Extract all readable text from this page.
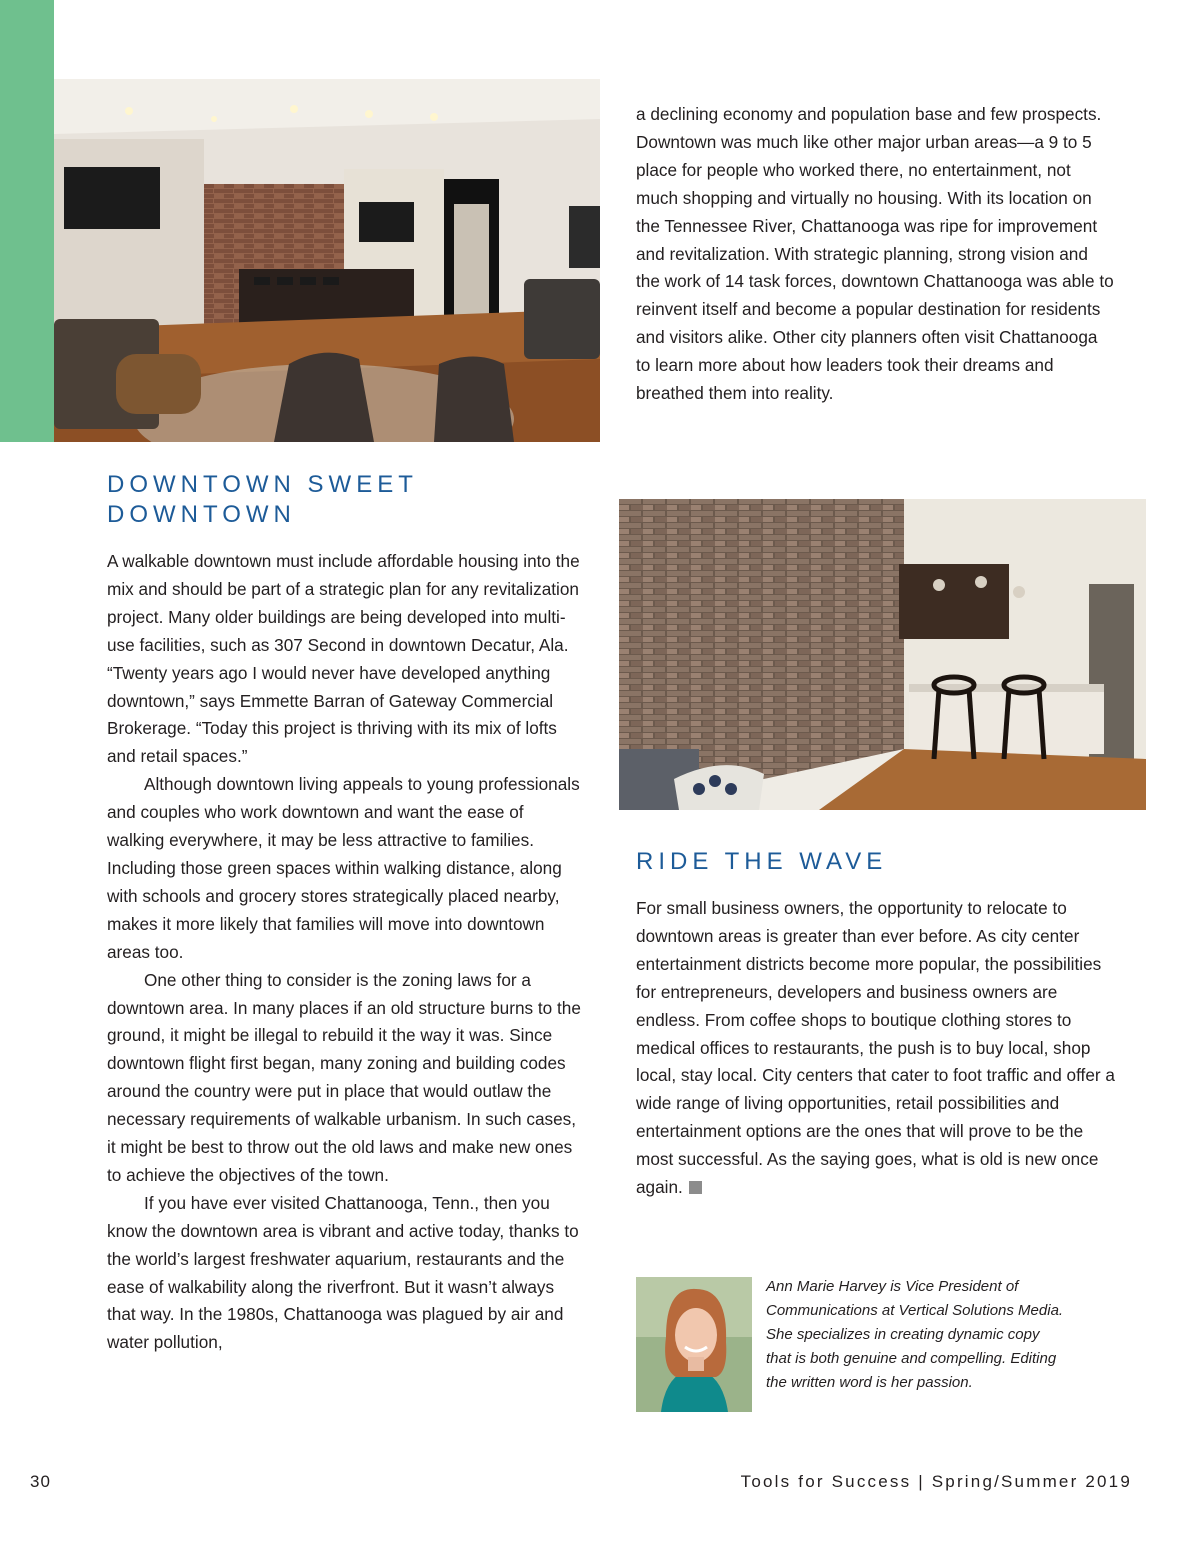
a declining economy and population base and few prospects. Downtown was much like other major urban areas—a 9 to 5 place for people who worked there, no entertainment, not much shopping and virtually no housing. With its location on the Tennessee River, Chattanooga was ripe for improvement and revitalization. With strategic planning, strong vision and the work of 14 task forces, downtown Chattanooga was able to reinvent itself and become a popular destination for residents and visitors alike. Other city planners often visit Chattanooga to learn more about how leaders took their dreams and breathed them into reality.

DOWNTOWN SWEET DOWNTOWN

A walkable downtown must include affordable housing into the mix and should be part of a strategic plan for any revitalization project. Many older buildings are being developed into multi-use facilities, such as 307 Second in downtown Decatur, Ala. “Twenty years ago I would never have developed anything downtown,” says Emmette Barran of Gateway Commercial Brokerage. “Today this project is thriving with its mix of lofts and retail spaces.”

Although downtown living appeals to young professionals and couples who work downtown and want the ease of walking everywhere, it may be less attractive to families. Including those green spaces within walking distance, along with schools and grocery stores strategically placed nearby, makes it more likely that families will move into downtown areas too.

One other thing to consider is the zoning laws for a downtown area. In many places if an old structure burns to the ground, it might be illegal to rebuild it the way it was. Since downtown flight first began, many zoning and building codes around the country were put in place that would outlaw the necessary requirements of walkable urbanism. In such cases, it might be best to throw out the old laws and make new ones to achieve the objectives of the town.

If you have ever visited Chattanooga, Tenn., then you know the downtown area is vibrant and active today, thanks to the world’s largest freshwater aquarium, restaurants and the ease of walkability along the riverfront. But it wasn’t always that way. In the 1980s, Chattanooga was plagued by air and water pollution,

RIDE THE WAVE

For small business owners, the opportunity to relocate to downtown areas is greater than ever before. As city center entertainment districts become more popular, the possibilities for entrepreneurs, developers and business owners are endless. From coffee shops to boutique clothing stores to medical offices to restaurants, the push is to buy local, shop local, stay local. City centers that cater to foot traffic and offer a wide range of living opportunities, retail possibilities and entertainment options are the ones that will prove to be the most successful. As the saying goes, what is old is new once again.

Ann Marie Harvey is Vice President of Communications at Vertical Solutions Media. She specializes in creating dynamic copy that is both genuine and compelling. Editing the written word is her passion.

30	Tools for Success | Spring/Summer 2019
